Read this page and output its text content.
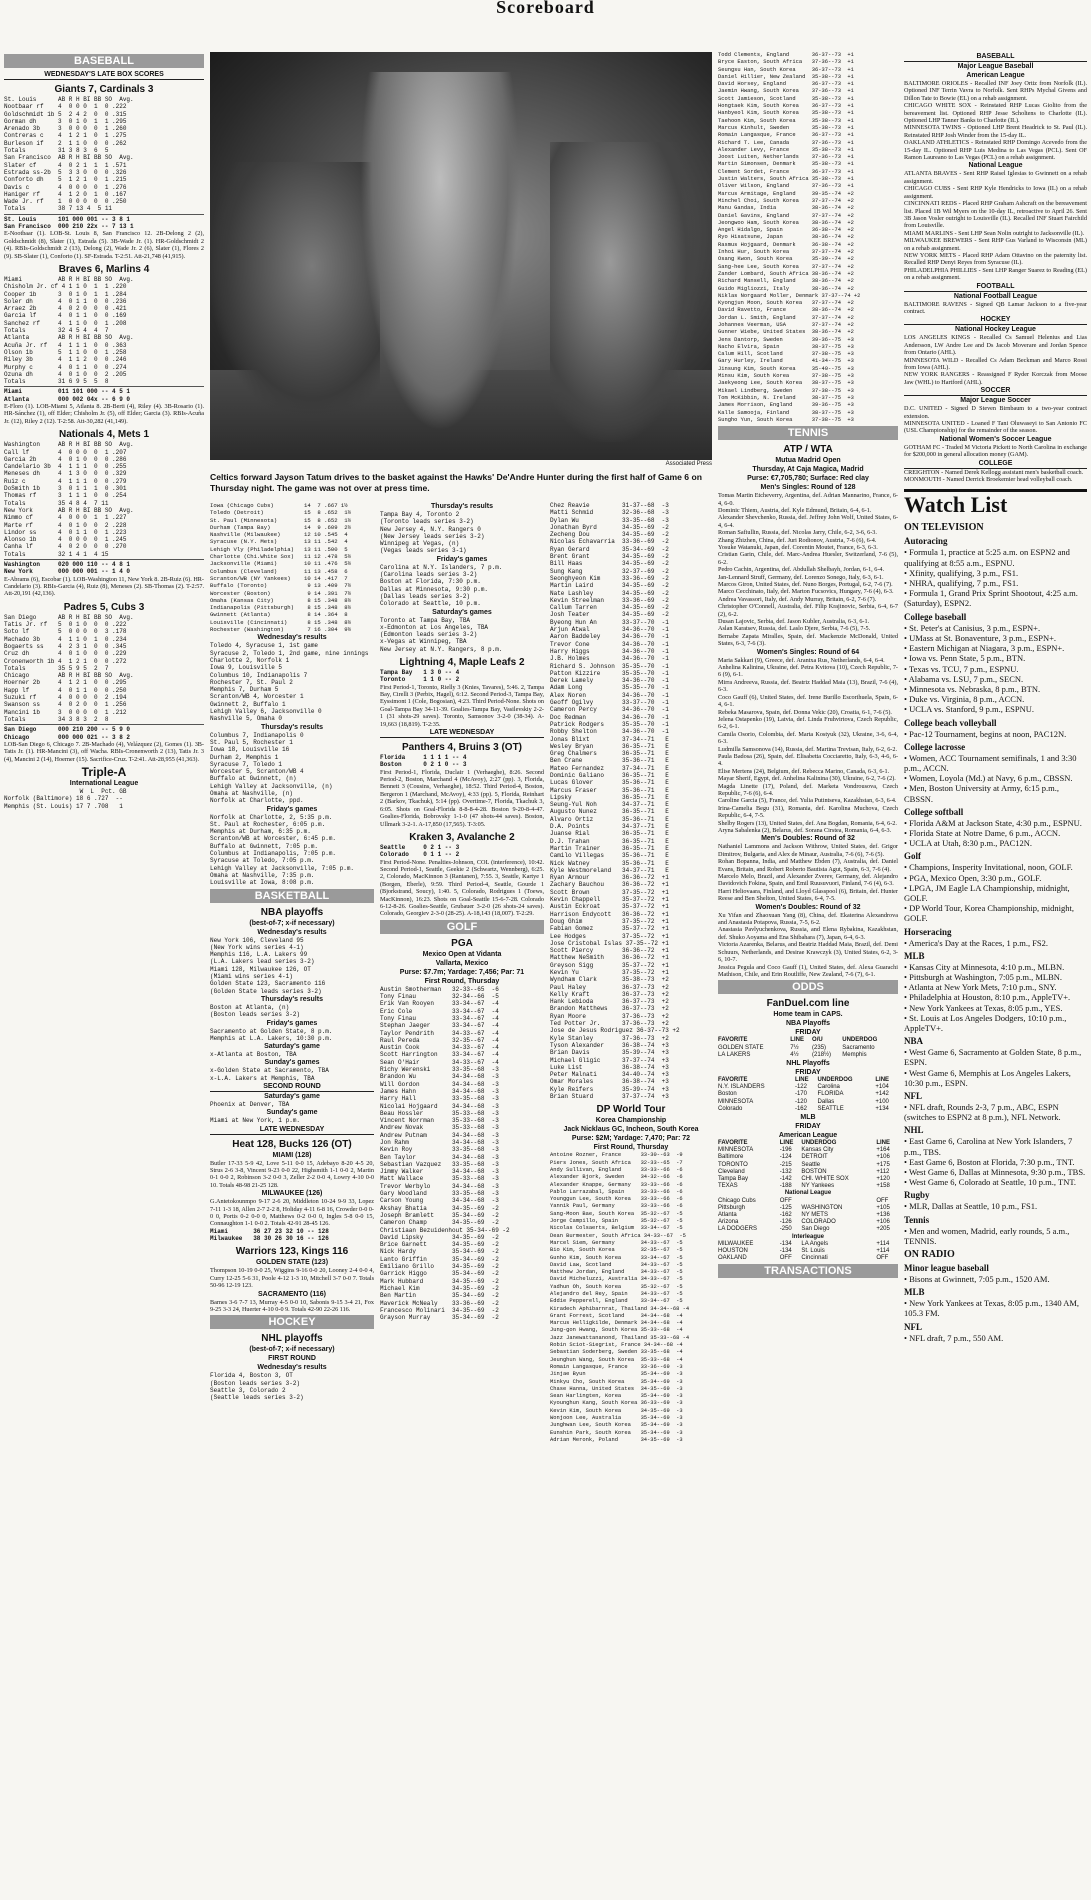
Scoreboard
BASEBALL
WEDNESDAY'S LATE BOX SCORES
Giants 7, Cardinals 3
St. Louis      AB R H BI BB SO  Avg.
Nootbaar rf    4  0 0 0  1  0 .222
Goldschmidt 1b 5  2 4 2  0  0 .315
Gorman dh      3  0 1 0  1  1 .295
Arenado 3b     3  0 0 0  0  1 .260
Contreras c    4  1 2 1  0  1 .275
Burleson if    2  1 1 0  0  0 .262
Totals         31 3 8 3  6  5
San Francisco  AB R H BI BB SO  Avg.
Slater cf      4  0 2 1  1  1 .571
Estrada ss-2b  5  3 3 0  0  0 .326
Conforto dh    5  1 2 1  0  1 .215
Davis c        4  0 0 0  0  1 .276
Haniger rf     4  1 2 0  1  0 .167
Wade Jr. rf    1  0 0 0  0  0 .250
Totals         38 7 13 4  5 11
St. Louis      101 000 001 -- 3 8 1
San Francisco  000 210 22x -- 7 13 1
E-Nootbaar (1). LOB-St. Louis 8, San Francisco 12. 2B-Delong 2 (2), Goldschmidt (8), Slater (1), Estrada (5). 3B-Wade Jr. (1). HR-Goldschmidt 2 (4). RBIs-Goldschmidt 2 (13), Delong (2), Wade Jr. 2 (6), Slater (1), Flores 2 (9). SB-Slater (1), Conforto (1). SF-Estrada. T-2:51. Att-21,748 (41,915).
Braves 6, Marlins 4
Miami          AB R H BI BB SO  Avg.
Chisholm Jr. cf 4 1 1 0  1  1 .220
Cooper 1b      3  0 1 0  1  1 .284
Soler dh       4  0 1 1  0  0 .236
Arraez 2b      4  0 2 0  0  0 .421
Garcia lf      4  0 1 1  0  0 .169
Sanchez rf     4  1 1 0  0  1 .208
Totals         32 4 5 4  4  7
Atlanta        AB R H BI BB SO  Avg.
Acuña Jr. rf   4  1 1 1  0  0 .363
Olson 1b       5  1 1 0  0  1 .258
Riley 3b       4  1 1 2  0  0 .246
Murphy c       4  0 1 1  0  0 .274
Ozuna dh       4  0 1 0  0  2 .205
Totals         31 6 9 5  5  8
Miami          011 101 000 -- 4 5 1
Atlanta        000 002 04x -- 6 9 0
E-Floro (1). LOB-Miami 5, Atlanta 8. 2B-Berti (4), Riley (4). 3B-Rosario (1). HR-Sánchez (1), off Elder; Chisholm Jr. (5), off Elder; Garcia (3). RBIs-Acuña Jr. (12), Riley 2 (12). T-2:58. Att-30,282 (41,149).
Nationals 4, Mets 1
Washington     AB R H BI BB SO  Avg.
Call lf        4  0 0 0  0  1 .207
Garcia 2b      4  0 1 0  0  0 .286
Candelario 3b  4  1 1 1  0  0 .255
Meneses dh     4  1 3 0  0  0 .329
Ruiz c         4  1 1 1  0  0 .279
DoSmith 1b     3  0 1 1  1  0 .301
Thomas rf      3  1 1 1  0  0 .254
Totals         35 4 8 4  7 11
New York       AB R H BI BB SO  Avg.
Nimmo cf       4  0 0 0  1  1 .227
Marte rf       4  0 1 0  0  2 .228
Lindor ss      4  0 1 1  0  1 .223
Alonso 1b      4  0 0 0  0  1 .245
Canha lf       4  0 2 0  0  0 .270
Totals         32 1 4 1  4 15
Washington     020 000 110 -- 4 8 1
New York       000 000 001 -- 1 4 0
E-Abrams (6), Escobar (1). LOB-Washington 11, New York 8. 2B-Ruiz (6). HR-Candelario (3). RBIs-Garcia (4), Ruiz (8), Meneses (2). SB-Thomas (2). T-2:57. Att-20,191 (42,136).
Padres 5, Cubs 3
San Diego      AB R H BI BB SO  Avg.
Tatis Jr. rf   5  0 1 0  0  0 .222
Soto lf        5  0 0 0  0  3 .178
Machado 3b     4  1 1 0  1  0 .234
Bogaerts ss    4  2 3 1  0  0 .345
Cruz dh        4  0 1 0  0  0 .229
Cronenworth 1b 4  1 2 1  0  0 .272
Totals         35 5 9 5  2  7
Chicago        AB R H BI BB SO  Avg.
Hoerner 2b     4  1 2 1  0  0 .295
Happ lf        4  0 1 1  0  0 .250
Suzuki rf      4  0 0 0  0  2 .194
Swanson ss     4  0 2 0  0  1 .256
Mancini 1b     3  0 0 0  0  1 .212
Totals         34 3 8 3  2  8
San Diego      000 210 200 -- 5 9 0
Chicago        000 000 021 -- 3 8 2
LOB-San Diego 6, Chicago 7. 2B-Machado (4), Velázquez (2), Gomes (1). 3B-Tatis Jr. (1). HR-Mancini (3), off Wacha. RBIs-Cronenworth 2 (13), Tatis Jr. 3 (4), Mancini 2 (14), Hoerner (15). Sacrifice-Cruz. T-2:41. Att-28,955 (41,363).
Triple-A
International League
W  L  Pct. GB
Norfolk (Baltimore) 18 6 .727  --
Memphis (St. Louis) 17 7 .708   1
Associated Press
Celtics forward Jayson Tatum drives to the basket against the Hawks' De'Andre Hunter during the first half of Game 6 on Thursday night. The game was not over at press time.
Iowa (Chicago Cubs)         14  7 .667 1½
Toledo (Detroit)            15  8 .652  1½
St. Paul (Minnesota)        15  8 .652  1½
Durham (Tampa Bay)          14  9 .609  2½
Nashville (Milwaukee)       12 10 .545  4
Syracuse (N.Y. Mets)        13 11 .542  4
Lehigh Vly (Philadelphia)   13 11 .500  5
Charlotte (Chi.White Sox)   11 12 .478  5½
Jacksonville (Miami)        10 11 .476  5½
Columbus (Cleveland)        11 13 .458  6
Scranton/WB (NY Yankees)    10 14 .417  7
Buffalo (Toronto)            9 13 .409  7½
Worcester (Boston)           9 14 .391  7½
Omaha (Kansas City)          8 15 .348  8½
Indianapolis (Pittsburgh)    8 15 .348  8½
Gwinnett (Atlanta)           8 14 .364  8
Louisville (Cincinnati)      8 15 .348  8½
Rochester (Washington)       7 16 .304  9½
Wednesday's results
Toledo 4, Syracuse 1, 1st game
Syracuse 2, Toledo 1, 2nd game, nine innings
Charlotte 2, Norfolk 1
Iowa 9, Louisville 5
Columbus 10, Indianapolis 7
Rochester 7, St. Paul 2
Memphis 7, Durham 5
Scranton/WB 4, Worcester 1
Gwinnett 2, Buffalo 1
Lehigh Valley 6, Jacksonville 0
Nashville 5, Omaha 0
Thursday's results
Columbus 7, Indianapolis 0
St. Paul 5, Rochester 1
Iowa 18, Louisville 16
Durham 2, Memphis 1
Syracuse 7, Toledo 1
Worcester 5, Scranton/WB 4
Buffalo at Gwinnett, (n)
Lehigh Valley at Jacksonville, (n)
Omaha at Nashville, (n)
Norfolk at Charlotte, ppd.
Friday's games
Norfolk at Charlotte, 2, 5:35 p.m.
St. Paul at Rochester, 6:05 p.m.
Memphis at Durham, 6:35 p.m.
Scranton/WB at Worcester, 6:45 p.m.
Buffalo at Gwinnett, 7:05 p.m.
Columbus at Indianapolis, 7:05 p.m.
Syracuse at Toledo, 7:05 p.m.
Lehigh Valley at Jacksonville, 7:05 p.m.
Omaha at Nashville, 7:35 p.m.
Louisville at Iowa, 8:08 p.m.
BASKETBALL
NBA playoffs
(best-of-7; x-if necessary)
Wednesday's results
New York 106, Cleveland 95
(New York wins series 4-1)
Memphis 116, L.A. Lakers 99
(L.A. Lakers lead series 3-2)
Miami 128, Milwaukee 126, OT
(Miami wins series 4-1)
Golden State 123, Sacramento 116
(Golden State leads series 3-2)
Thursday's results
Boston at Atlanta, (n)
(Boston leads series 3-2)
Friday's games
Sacramento at Golden State, 8 p.m.
Memphis at L.A. Lakers, 10:30 p.m.
Saturday's game
x-Atlanta at Boston, TBA
Sunday's games
x-Golden State at Sacramento, TBA
x-L.A. Lakers at Memphis, TBA
SECOND ROUND
Saturday's game
Phoenix at Denver, TBA
Sunday's game
Miami at New York, 1 p.m.
LATE WEDNESDAY
Heat 128, Bucks 126 (OT)
MIAMI (128)
Butler 17-33 5-9 42, Love 5-11 0-0 15, Adebayo 8-20 4-5 20, Strus 2-6 3-8, Vincent 9-23 0-0 22, Highsmith 1-1 0-0 2, Martin 0-1 0-0 2, Robinson 3-2 0-0 3, Zeller 2-2 0-0 4, Lowry 4-10 0-0 10. Totals 48-98 21-25 128.
MILWAUKEE (126)
G.Antetokounmpo 9-17 2-6 20, Middleton 10-24 9-9 33, Lopez 7-11 1-3 18, Allen 2-7 2-2 8, Holiday 4-11 6-8 16, Crowder 0-0 0-0 0, Portis 0-2 0-0 0, Matthews 0-2 0-0 0, Ingles 5-8 0-0 15, Connaughton 1-1 0-0 2. Totals 42-91 28-45 126.
Miami       36 27 23 32 10 -- 128
Milwaukee   38 30 26 30 16 -- 126
Warriors 123, Kings 116
GOLDEN STATE (123)
Thompson 10-19 0-0 25, Wiggins 9-16 0-0 20, Looney 2-4 0-0 4, Curry 12-25 5-6 31, Poole 4-12 1-3 10, Mitchell 3-7 0-0 7. Totals 50-96 12-19 123.
SACRAMENTO (116)
Barnes 3-6 7-7 13, Murray 4-5 0-0 10, Sabonis 9-15 3-4 21, Fox 9-25 3-3 24, Huerter 4-10 0-0 9. Totals 42-90 22-26 116.
HOCKEY
NHL playoffs
(best-of-7; x-if necessary)
FIRST ROUND
Wednesday's results
Florida 4, Boston 3, OT
(Boston leads series 3-2)
Seattle 3, Colorado 2
(Seattle leads series 3-2)
Thursday's results
Tampa Bay 4, Toronto 2
(Toronto leads series 3-2)
New Jersey 4, N.Y. Rangers 0
(New Jersey leads series 3-2)
Winnipeg at Vegas, (n)
(Vegas leads series 3-1)
Friday's games
Carolina at N.Y. Islanders, 7 p.m.
(Carolina leads series 3-2)
Boston at Florida, 7:30 p.m.
Dallas at Minnesota, 9:30 p.m.
(Dallas leads series 3-2)
Colorado at Seattle, 10 p.m.
Saturday's games
Toronto at Tampa Bay, TBA
x-Edmonton at Los Angeles, TBA
(Edmonton leads series 3-2)
x-Vegas at Winnipeg, TBA
New Jersey at N.Y. Rangers, 8 p.m.
Lightning 4, Maple Leafs 2
Tampa Bay   1 3 0 -- 4
Toronto     1 1 0 -- 2
First Period-1, Toronto, Rielly 3 (Knies, Tavares), 5:46. 2, Tampa Bay, Cirelli 3 (Perbix, Hagel), 6:12. Second Period-3, Tampa Bay, Eyssimont 1 (Cole, Bogosian), 4:23. Third Period-None. Shots on Goal-Tampa Bay 34-11-39. Goalies-Tampa Bay, Vasilevskiy 2-2-1 (31 shots-29 saves). Toronto, Samsonov 3-2-0 (38-34). A-19,663 (18,819). T-2:35.
LATE WEDNESDAY
Panthers 4, Bruins 3 (OT)
Florida     1 1 1 1 -- 4
Boston      0 2 1 0 -- 3
First Period-1, Florida, Duclair 1 (Verhaeghe), 8:26. Second Period-2, Boston, Marchand 4 (McAvoy), 2:27 (pp). 3, Florida, Bennett 3 (Cousins, Verhaeghe), 18:52. Third Period-4, Boston, Bergeron 1 (Marchand, McAvoy), 4:33 (pp). 5, Florida, Reinhart 2 (Barkov, Tkachuk), 5:14 (pp). Overtime-7, Florida, Tkachuk 3, 6:05. Shots on Goal-Florida 8-8-8-4-28. Boston 9-20-8-4-47. Goalies-Florida, Bobrovsky 1-1-0 (47 shots-44 saves). Boston, Ullmark 3-2-1. A-17,850 (17,565). T-3:05.
Kraken 3, Avalanche 2
Seattle     0 2 1 -- 3
Colorado    0 1 1 -- 2
First Period-None. Penalties-Johnson, COL (interference), 10:42. Second Period-1, Seattle, Geekie 2 (Schwartz, Wennberg), 6:25. 2, Colorado, MacKinnon 3 (Rantanen), 7:55. 3, Seattle, Kartye 1 (Borgen, Eberle), 9:59. Third Period-4, Seattle, Gourde 1 (Bjorkstrand, Soucy), 1:40. 5, Colorado, Rodrigues 1 (Toews, MacKinnon), 16:23. Shots on Goal-Seattle 15-6-7-28. Colorado 6-12-8-26. Goalies-Seattle, Grubauer 3-2-0 (26 shots-24 saves). Colorado, Georgiev 2-3-0 (28-25). A-18,143 (18,007). T-2:29.
GOLF
PGA
Mexico Open at Vidanta
Vallarta, Mexico
Purse: $7.7m; Yardage: 7,456; Par: 71
First Round, Thursday
Austin Smotherman   32-33--65  -6
Tony Finau          32-34--66  -5
Erik Van Rooyen     33-34--67  -4
Eric Cole           33-34--67  -4
Tony Finau          33-34--67  -4
Stephan Jaeger      33-34--67  -4
Taylor Pendrith     34-33--67  -4
Raul Pereda         32-35--67  -4
Austin Cook         34-33--67  -4
Scott Harrington    33-34--67  -4
Sean O'Hair         34-33--67  -4
Richy Werenski      33-35--68  -3
Brandon Wu          34-34--68  -3
Will Gordon         34-34--68  -3
James Hahn          34-34--68  -3
Harry Hall          33-35--68  -3
Nicolai Hojgaard    34-34--68  -3
Beau Hossler        35-33--68  -3
Vincent Norrman     35-33--68  -3
Andrew Novak        35-33--68  -3
Andrew Putnam       34-34--68  -3
Jon Rahm            34-34--68  -3
Kevin Roy           33-35--68  -3
Ben Taylor          34-34--68  -3
Sebastian Vazquez   33-35--68  -3
Jimmy Walker        34-34--68  -3
Matt Wallace        35-33--68  -3
Trevor Werbylo      34-34--68  -3
Gary Woodland       33-35--68  -3
Carson Young        34-34--68  -3
Akshay Bhatia       34-35--69  -2
Joseph Bramlett     35-34--69  -2
Cameron Champ       34-35--69  -2
Christiaan Bezuidenhout 35-34--69 -2
David Lipsky        34-35--69  -2
Brice Garnett       34-35--69  -2
Nick Hardy          35-34--69  -2
Lanto Griffin       35-34--69  -2
Emiliano Grillo     34-35--69  -2
Garrick Higgo       35-34--69  -2
Mark Hubbard        34-35--69  -2
Michael Kim         34-35--69  -2
Ben Martin          35-34--69  -2
Maverick McNealy    33-36--69  -2
Francesco Molinari  34-35--69  -2
Grayson Murray      35-34--69  -2
Chez Reavie         31-37--68  -3
Matti Schmid        32-36--68  -3
Dylan Wu            33-35--68  -3
Jonathan Byrd       34-35--69  -2
Zecheng Dou         34-35--69  -2
Nicolas Echavarria  33-36--69  -2
Ryan Gerard         35-34--69  -2
Brent Grant         34-35--69  -2
Bill Haas           34-35--69  -2
Sung Kang           32-37--69  -2
Seonghyeon Kim      33-36--69  -2
Martin Laird        34-35--69  -2
Nate Lashley        34-35--69  -2
Kevin Streelman     33-36--69  -2
Callum Tarren       34-35--69  -2
Josh Teater         34-35--69  -2
Byeong Hun An       33-37--70  -1
Arjun Atwal         34-36--70  -1
Aaron Baddeley      34-36--70  -1
Trevor Cone         34-36--70  -1
Harry Higgs         34-36--70  -1
J.B. Holmes         34-36--70  -1
Richard S. Johnson  35-35--70  -1
Patton Kizzire      35-35--70  -1
Derek Lamely        34-36--70  -1
Adam Long           35-35--70  -1
Alex Noren          34-36--70  -1
Geoff Ogilvy        33-37--70  -1
Cameron Percy       34-36--70  -1
Doc Redman          34-36--70  -1
Patrick Rodgers     35-35--70  -1
Robby Shelton       34-36--70  -1
Jonas Blixt         37-34--71   E
Wesley Bryan        36-35--71   E
Greg Chalmers       36-35--71   E
Ben Crane           35-36--71   E
Mateo Fernandez     37-34--71   E
Dominic Galiano     36-35--71   E
Lucas Glover        35-36--71   E
Marcus Fraser       35-36--71   E
Lipsky              36-35--71   E
Seung-Yul Noh       34-37--71   E
Augusto Nunez       36-35--71   E
Alvaro Ortiz        35-36--71   E
D.A. Points         34-37--71   E
Juanse Rial         36-35--71   E
D.J. Trahan         36-35--71   E
Martin Trainer      36-35--71   E
Camilo Villegas     35-36--71   E
Nick Watney         35-36--71   E
Kyle Westmoreland   34-37--71   E
Ryan Armour         36-36--72  +1
Zachary Bauchou     36-36--72  +1
Scott Brown         37-35--72  +1
Kevin Chappell      35-37--72  +1
Austin Eckroat      35-37--72  +1
Harrison Endycott   36-36--72  +1
Doug Ghim           37-35--72  +1
Fabian Gomez        35-37--72  +1
Lee Hodges          37-35--72  +1
Jose Cristobal Islas 37-35--72 +1
Scott Piercy        36-36--72  +1
Matthew NeSmith     36-36--72  +1
Greyson Sigg        35-37--72  +1
Kevin Yu            37-35--72  +1
Wyndham Clark       35-38--73  +2
Paul Haley          36-37--73  +2
Kelly Kraft         36-37--73  +2
Hank Lebioda        36-37--73  +2
Brandon Matthews    36-37--73  +2
Ryan Moore          37-36--73  +2
Ted Potter Jr.      37-36--73  +2
Jose de Jesus Rodriguez 36-37--73 +2
Kyle Stanley        37-36--73  +2
Tyson Alexander     36-38--74  +3
Brian Davis         35-39--74  +3
Michael Gligic      37-37--74  +3
Luke List           36-38--74  +3
Peter Malnati       34-40--74  +3
Omar Morales        36-38--74  +3
Kyle Reifers        35-39--74  +3
Brian Stuard        37-37--74  +3
DP World Tour
Korea Championship
Jack Nicklaus GC, Incheon, South Korea
Purse: $2M; Yardage: 7,470; Par: 72
First Round, Thursday
Antoine Rozner, France      33-30--63  -9
Piers Jones, South Africa   32-33--65  -7
Andy Sullivan, England      33-33--66  -6
Alexander Bjork, Sweden     34-32--66  -6
Alexander Knappe, Germany   33-33--66  -6
Pablo Larrazabal, Spain     33-33--66  -6
Younggun Lee, South Korea   33-33--66  -6
Yannik Paul, Germany        33-33--66  -6
Sang-Moon Bae, South Korea  35-32--67  -5
Jorge Campillo, Spain       35-32--67  -5
Nicolas Colsaerts, Belgium  33-34--67  -5
Dean Burmester, South Africa 34-33--67  -5
Marcel Siem, Germany        34-33--67  -5
Bio Kim, South Korea        32-35--67  -5
Gunho Kim, South Korea      33-34--67  -5
David Law, Scotland         34-33--67  -5
Matthew Jordan, England     34-33--67  -5
David Micheluzzi, Australia 34-33--67  -5
Yadhun Oh, South Korea      35-32--67  -5
Alejandro del Rey, Spain    34-33--67  -5
Eddie Pepperell, England    33-34--67  -5
Kiradech Aphibarnrat, Thailand 34-34--68 -4
Grant Forrest, Scotland     34-34--68  -4
Marcus Helligkilde, Denmark 34-34--68  -4
Jung-gon Hwang, South Korea 35-33--68  -4
Jazz Janewattananond, Thailand 35-33--68 -4
Robin Sciot-Siegrist, France 34-34--68 -4
Sebastian Soderberg, Sweden 33-35--68  -4
Jeunghun Wang, South Korea  35-33--68  -4
Romain Langasque, France    33-36--69  -3
Jinjae Byun                 35-34--69  -3
Minkyu Cho, South Korea     35-34--69  -3
Chase Hanna, United States  34-35--69  -3
Sean Harlingten, Korea      35-34--69  -3
Kyounghun Kang, South Korea 36-33--69  -3
Kevin Kim, South Korea      34-35--69  -3
Wonjoon Lee, Australia      35-34--69  -3
Junghwan Lee, South Korea   35-34--69  -3
Eunshin Park, South Korea   35-34--69  -3
Adrian Meronk, Poland       34-35--69  -3
Todd Clements, England       36-37--73  +1
Bryce Easton, South Africa   37-36--73  +1
Seungsu Han, South Korea     36-37--73  +1
Daniel Hillier, New Zealand  35-38--73  +1
David Horsey, England        36-37--73  +1
Jaemin Hwang, South Korea    37-36--73  +1
Scott Jamieson, Scotland     35-38--73  +1
Hongtaek Kim, South Korea    36-37--73  +1
Hanbyeol Kim, South Korea    35-38--73  +1
Taehoon Kim, South Korea     35-38--73  +1
Marcus Kinhult, Sweden       35-38--73  +1
Romain Langasque, France     36-37--73  +1
Richard T. Lee, Canada       37-36--73  +1
Alexander Levy, France       35-38--73  +1
Joost Luiten, Netherlands    37-36--73  +1
Martin Simonsen, Denmark     35-38--73  +1
Clement Sordet, France       36-37--73  +1
Justin Walters, South Africa 35-38--73  +1
Oliver Wilson, England       37-36--73  +1
Marcus Armitage, England     39-35--74  +2
Minchel Choi, South Korea    37-37--74  +2
Manu Gandas, India           38-36--74  +2
Daniel Gavins, England       37-37--74  +2
Jeongwoo Ham, South Korea    38-36--74  +2
Angel Hidalgo, Spain         36-38--74  +2
Ryo Hisatsune, Japan         38-36--74  +2
Rasmus Hojgaard, Denmark     36-38--74  +2
Inhoi Hur, South Korea       37-37--74  +2
Osang Kwon, South Korea      35-39--74  +2
Sang-hee Lee, South Korea    37-37--74  +2
Zander Lombard, South Africa 38-36--74  +2
Richard Mansell, England     38-36--74  +2
Guido Migliozzi, Italy       38-36--74  +2
Niklas Norgaard Moller, Denmark 37-37--74 +2
Kyongjun Moon, South Korea   37-37--74  +2
David Ravetto, France        38-36--74  +2
Jordan L. Smith, England     37-37--74  +2
Johannes Veerman, USA        37-37--74  +2
Gunner Wiebe, United States  38-36--74  +2
Jens Dantorp, Sweden         39-36--75  +3
Nacho Elvira, Spain          38-37--75  +3
Calum Hill, Scotland         37-38--75  +3
Gary Hurley, Ireland         41-34--75  +3
Jinsung Kim, South Korea     35-40--75  +3
Minsu Kim, South Korea       37-38--75  +3
Jaekyeong Lee, South Korea   38-37--75  +3
Mikael Lindberg, Sweden      37-38--75  +3
Tom McKibbin, N. Ireland     38-37--75  +3
James Morrison, England      39-36--75  +3
Kalle Samooja, Finland       38-37--75  +3
Sungho Yun, South Korea      37-38--75  +3
TENNIS
ATP / WTA
Mutua Madrid Open
Thursday, At Caja Magica, Madrid
Purse: €7,705,780; Surface: Red clay
Men's Singles: Round of 128
Tomas Martin Etcheverry, Argentina, def. Adrian Mannarino, France, 6-4, 6-0.
Dominic Thiem, Austria, def. Kyle Edmund, Britain, 6-4, 6-1.
Alexander Shevchenko, Russia, def. Jeffrey John Wolf, United States, 6-4, 6-4.
Roman Safiullin, Russia, def. Nicolas Jarry, Chile, 6-2, 3-6, 6-3.
Zhang Zhizhen, China, def. Juri Rodionov, Austria, 7-6 (6), 6-4.
Yosuke Watanuki, Japan, def. Corentin Moutet, France, 6-3, 6-3.
Cristian Garin, Chile, def. Marc-Andrea Huesler, Switzerland, 7-6 (5), 6-2.
Pedro Cachin, Argentina, def. Abdullah Shelbayh, Jordan, 6-1, 6-4.
Jan-Lennard Struff, Germany, def. Lorenzo Sonego, Italy, 6-3, 6-1.
Marcos Giron, United States, def. Nuno Borges, Portugal, 6-2, 7-6 (7).
Marco Cecchinato, Italy, def. Marton Fucsovics, Hungary, 7-6 (4), 6-3.
Andrea Vavassori, Italy, def. Andy Murray, Britain, 6-2, 7-6 (7).
Christopher O'Connell, Australia, def. Filip Krajinovic, Serbia, 6-4, 6-7 (2), 6-2.
Dusan Lajovic, Serbia, def. Jason Kubler, Australia, 6-3, 6-1.
Aslan Karatsev, Russia, def. Laslo Djere, Serbia, 7-6 (5), 7-5.
Bernabe Zapata Miralles, Spain, def. Mackenzie McDonald, United States, 6-3, 7-6 (3).
Women's Singles: Round of 64
Maria Sakkari (9), Greece, def. Arantxa Rus, Netherlands, 6-4, 6-4.
Anhelina Kalinina, Ukraine, def. Petra Kvitova (10), Czech Republic, 7-6 (9), 6-1.
Mirra Andreeva, Russia, def. Beatriz Haddad Maia (13), Brazil, 7-6 (4), 6-3.
Coco Gauff (6), United States, def. Irene Burillo Escorihuela, Spain, 6-4, 6-1.
Rebeka Masarova, Spain, def. Donna Vekic (20), Croatia, 6-1, 7-6 (5).
Jelena Ostapenko (19), Latvia, def. Linda Fruhvirtova, Czech Republic, 6-2, 6-1.
Camila Osorio, Colombia, def. Marta Kostyuk (32), Ukraine, 3-6, 6-4, 6-3.
Ludmilla Samsonova (14), Russia, def. Martina Trevisan, Italy, 6-2, 6-2.
Paula Badosa (26), Spain, def. Elisabetta Cocciaretto, Italy, 6-3, 4-6, 6-4.
Elise Mertens (24), Belgium, def. Rebecca Marino, Canada, 6-3, 6-1.
Mayar Sherif, Egypt, def. Anhelina Kalinina (30), Ukraine, 6-2, 7-6 (2).
Magda Linette (17), Poland, def. Marketa Vondrousova, Czech Republic, 7-6 (6), 6-4.
Caroline Garcia (5), France, def. Yulia Putintseva, Kazakhstan, 6-3, 6-4.
Irina-Camelia Begu (31), Romania, def. Karolina Muchova, Czech Republic, 6-4, 7-5.
Shelby Rogers (13), United States, def. Ana Bogdan, Romania, 6-4, 6-2.
Aryna Sabalenka (2), Belarus, def. Sorana Cirstea, Romania, 6-4, 6-3.
Men's Doubles: Round of 32
Nathaniel Lammons and Jackson Withrow, United States, def. Grigor Dimitrov, Bulgaria, and Alex de Minaur, Australia, 7-6 (6), 7-6 (5).
Rohan Bopanna, India, and Matthew Ebden (7), Australia, def. Daniel Evans, Britain, and Robert Roberto Bautista Agut, Spain, 6-3, 7-6 (4).
Marcelo Melo, Brazil, and Alexander Zverev, Germany, def. Alejandro Davidovich Fokina, Spain, and Emil Ruusuvuori, Finland, 7-6 (4), 6-3.
Harri Heliovaara, Finland, and Lloyd Glasspool (6), Britain, def. Hunter Reese and Ben Shelton, United States, 6-4, 7-5.
Women's Doubles: Round of 32
Xu Yifan and Zhaoxuan Yang (8), China, def. Ekaterina Alexandrova and Anastasia Potapova, Russia, 7-5, 6-2.
Anastasia Pavlyuchenkova, Russia, and Elena Rybakina, Kazakhstan, def. Shuko Aoyama and Ena Shibahara (7), Japan, 6-4, 6-3.
Victoria Azarenka, Belarus, and Beatriz Haddad Maia, Brazil, def. Demi Schuurs, Netherlands, and Desirae Krawczyk (3), United States, 6-2, 3-6, 10-7.
Jessica Pegula and Coco Gauff (1), United States, def. Alexa Guarachi Mathison, Chile, and Erin Routliffe, New Zealand, 7-6 (7), 6-1.
ODDS
FanDuel.com line
Home team in CAPS.
NBA Playoffs
FRIDAY
FAVORITE	LINE	O/U	UNDERDOG
GOLDEN STATE	7½	(235)	Sacramento
LA LAKERS	4½	(218½)	Memphis
NHL Playoffs
FRIDAY
FAVORITE	LINE	UNDERDOG	LINE
N.Y. ISLANDERS	-122	Carolina	+104
Boston	-170	FLORIDA	+142
MINNESOTA	-120	Dallas	+100
Colorado	-162	SEATTLE	+134
MLB
FRIDAY
American League
FAVORITE	LINE	UNDERDOG	LINE
MINNESOTA	-196	Kansas City	+164
Baltimore	-124	DETROIT	+106
TORONTO	-215	Seattle	+175
Cleveland	-132	BOSTON	+112
Tampa Bay	-142	CHI. WHITE SOX	+120
TEXAS	-188	NY Yankees	+158
National League			
Chicago Cubs	OFF		OFF
Pittsburgh	-125	WASHINGTON	+105
Atlanta	-162	NY METS	+136
Arizona	-126	COLORADO	+106
LA DODGERS	-250	San Diego	+205
Interleague			
MILWAUKEE	-134	LA Angels	+114
HOUSTON	-134	St. Louis	+114
OAKLAND	OFF	Cincinnati	OFF
TRANSACTIONS
BASEBALL
Major League Baseball
American League
BALTIMORE ORIOLES - Recalled INF Joey Ortiz from Norfolk (IL). Optioned INF Terrin Vavra to Norfolk. Sent RHPs Mychal Givens and Dillon Tate to Bowie (EL) on a rehab assignment.
CHICAGO WHITE SOX - Reinstated RHP Lucas Giolito from the bereavement list. Optioned RHP Jesse Scholtens to Charlotte (IL). Optioned LHP Tanner Banks to Charlotte (IL).
MINNESOTA TWINS - Optioned LHP Brent Headrick to St. Paul (IL). Reinstated RHP Josh Winder from the 15-day IL.
OAKLAND ATHLETICS - Reinstated RHP Domingo Acevedo from the 15-day IL. Optioned RHP Luis Medina to Las Vegas (PCL). Sent OF Ramon Laureano to Las Vegas (PCL) on a rehab assignment.
National League
ATLANTA BRAVES - Sent RHP Raisel Iglesias to Gwinnett on a rehab assignment.
CHICAGO CUBS - Sent RHP Kyle Hendricks to Iowa (IL) on a rehab assignment.
CINCINNATI REDS - Placed RHP Graham Ashcraft on the bereavement list. Placed 1B Wil Myers on the 10-day IL, retroactive to April 26. Sent 3B Jason Vosler outright to Louisville (IL). Recalled INF Stuart Fairchild from Louisville.
MIAMI MARLINS - Sent LHP Sean Nolin outright to Jacksonville (IL).
MILWAUKEE BREWERS - Sent RHP Gus Varland to Wisconsin (ML) on a rehab assignment.
NEW YORK METS - Placed RHP Adam Ottavino on the paternity list. Recalled RHP Denyi Reyes from Syracuse (IL).
PHILADELPHIA PHILLIES - Sent LHP Ranger Suarez to Reading (EL) on a rehab assignment.
FOOTBALL
National Football League
BALTIMORE RAVENS - Signed QB Lamar Jackson to a five-year contract.
HOCKEY
National Hockey League
LOS ANGELES KINGS - Recalled Cs Samuel Helenius and Lias Andersson, LW Andre Lee and Ds Jacob Moverare and Jordan Spence from Ontario (AHL).
MINNESOTA WILD - Recalled Cs Adam Beckman and Marco Rossi from Iowa (AHL).
NEW YORK RANGERS - Reassigned F Ryder Korczak from Moose Jaw (WHL) to Hartford (AHL).
SOCCER
Major League Soccer
D.C. UNITED - Signed D Steven Birnbaum to a two-year contract extension.
MINNESOTA UNITED - Loaned F Tani Oluwaseyi to San Antonio FC (USL Championship) for the remainder of the season.
National Women's Soccer League
GOTHAM FC - Traded M Victoria Pickett to North Carolina in exchange for $200,000 in general allocation money (GAM).
COLLEGE
CREIGHTON - Named Derek Kellogg assistant men's basketball coach.
MONMOUTH - Named Derrick Broekemier head volleyball coach.
Watch List
ON TELEVISION
Autoracing
• Formula 1, practice at 5:25 a.m. on ESPN2 and qualifying at 8:55 a.m., ESPNU.
• Xfinity, qualifying, 3 p.m., FS1.
• NHRA, qualifying, 7 p.m., FS1.
• Formula 1, Grand Prix Sprint Shootout, 4:25 a.m. (Saturday), ESPN2.
College baseball
• St. Peter's at Canisius, 3 p.m., ESPN+.
• UMass at St. Bonaventure, 3 p.m., ESPN+.
• Eastern Michigan at Niagara, 3 p.m., ESPN+.
• Iowa vs. Penn State, 5 p.m., BTN.
• Texas vs. TCU, 7 p.m., ESPNU.
• Alabama vs. LSU, 7 p.m., SECN.
• Minnesota vs. Nebraska, 8 p.m., BTN.
• Duke vs. Virginia, 8 p.m., ACCN.
• UCLA vs. Stanford, 9 p.m., ESPNU.
College beach volleyball
• Pac-12 Tournament, begins at noon, PAC12N.
College lacrosse
• Women, ACC Tournament semifinals, 1 and 3:30 p.m., ACCN.
• Women, Loyola (Md.) at Navy, 6 p.m., CBSSN.
• Men, Boston University at Army, 6:15 p.m., CBSSN.
College softball
• Florida A&M at Jackson State, 4:30 p.m., ESPNU.
• Florida State at Notre Dame, 6 p.m., ACCN.
• UCLA at Utah, 8:30 p.m., PAC12N.
Golf
• Champions, Insperity Invitational, noon, GOLF.
• PGA, Mexico Open, 3:30 p.m., GOLF.
• LPGA, JM Eagle LA Championship, midnight, GOLF.
• DP World Tour, Korea Championship, midnight, GOLF.
Horseracing
• America's Day at the Races, 1 p.m., FS2.
MLB
• Kansas City at Minnesota, 4:10 p.m., MLBN.
• Pittsburgh at Washington, 7:05 p.m., MLBN.
• Atlanta at New York Mets, 7:10 p.m., SNY.
• Philadelphia at Houston, 8:10 p.m., AppleTV+.
• New York Yankees at Texas, 8:05 p.m., YES.
• St. Louis at Los Angeles Dodgers, 10:10 p.m., AppleTV+.
NBA
• West Game 6, Sacramento at Golden State, 8 p.m., ESPN.
• West Game 6, Memphis at Los Angeles Lakers, 10:30 p.m., ESPN.
NFL
• NFL draft, Rounds 2-3, 7 p.m., ABC, ESPN (switches to ESPN2 at 8 p.m.), NFL Network.
NHL
• East Game 6, Carolina at New York Islanders, 7 p.m., TBS.
• East Game 6, Boston at Florida, 7:30 p.m., TNT.
• West Game 6, Dallas at Minnesota, 9:30 p.m., TBS.
• West Game 6, Colorado at Seattle, 10 p.m., TNT.
Rugby
• MLR, Dallas at Seattle, 10 p.m., FS1.
Tennis
• Men and women, Madrid, early rounds, 5 a.m., TENNIS.
ON RADIO
Minor league baseball
• Bisons at Gwinnett, 7:05 p.m., 1520 AM.
MLB
• New York Yankees at Texas, 8:05 p.m., 1340 AM, 105.3 FM.
NFL
• NFL draft, 7 p.m., 550 AM.
